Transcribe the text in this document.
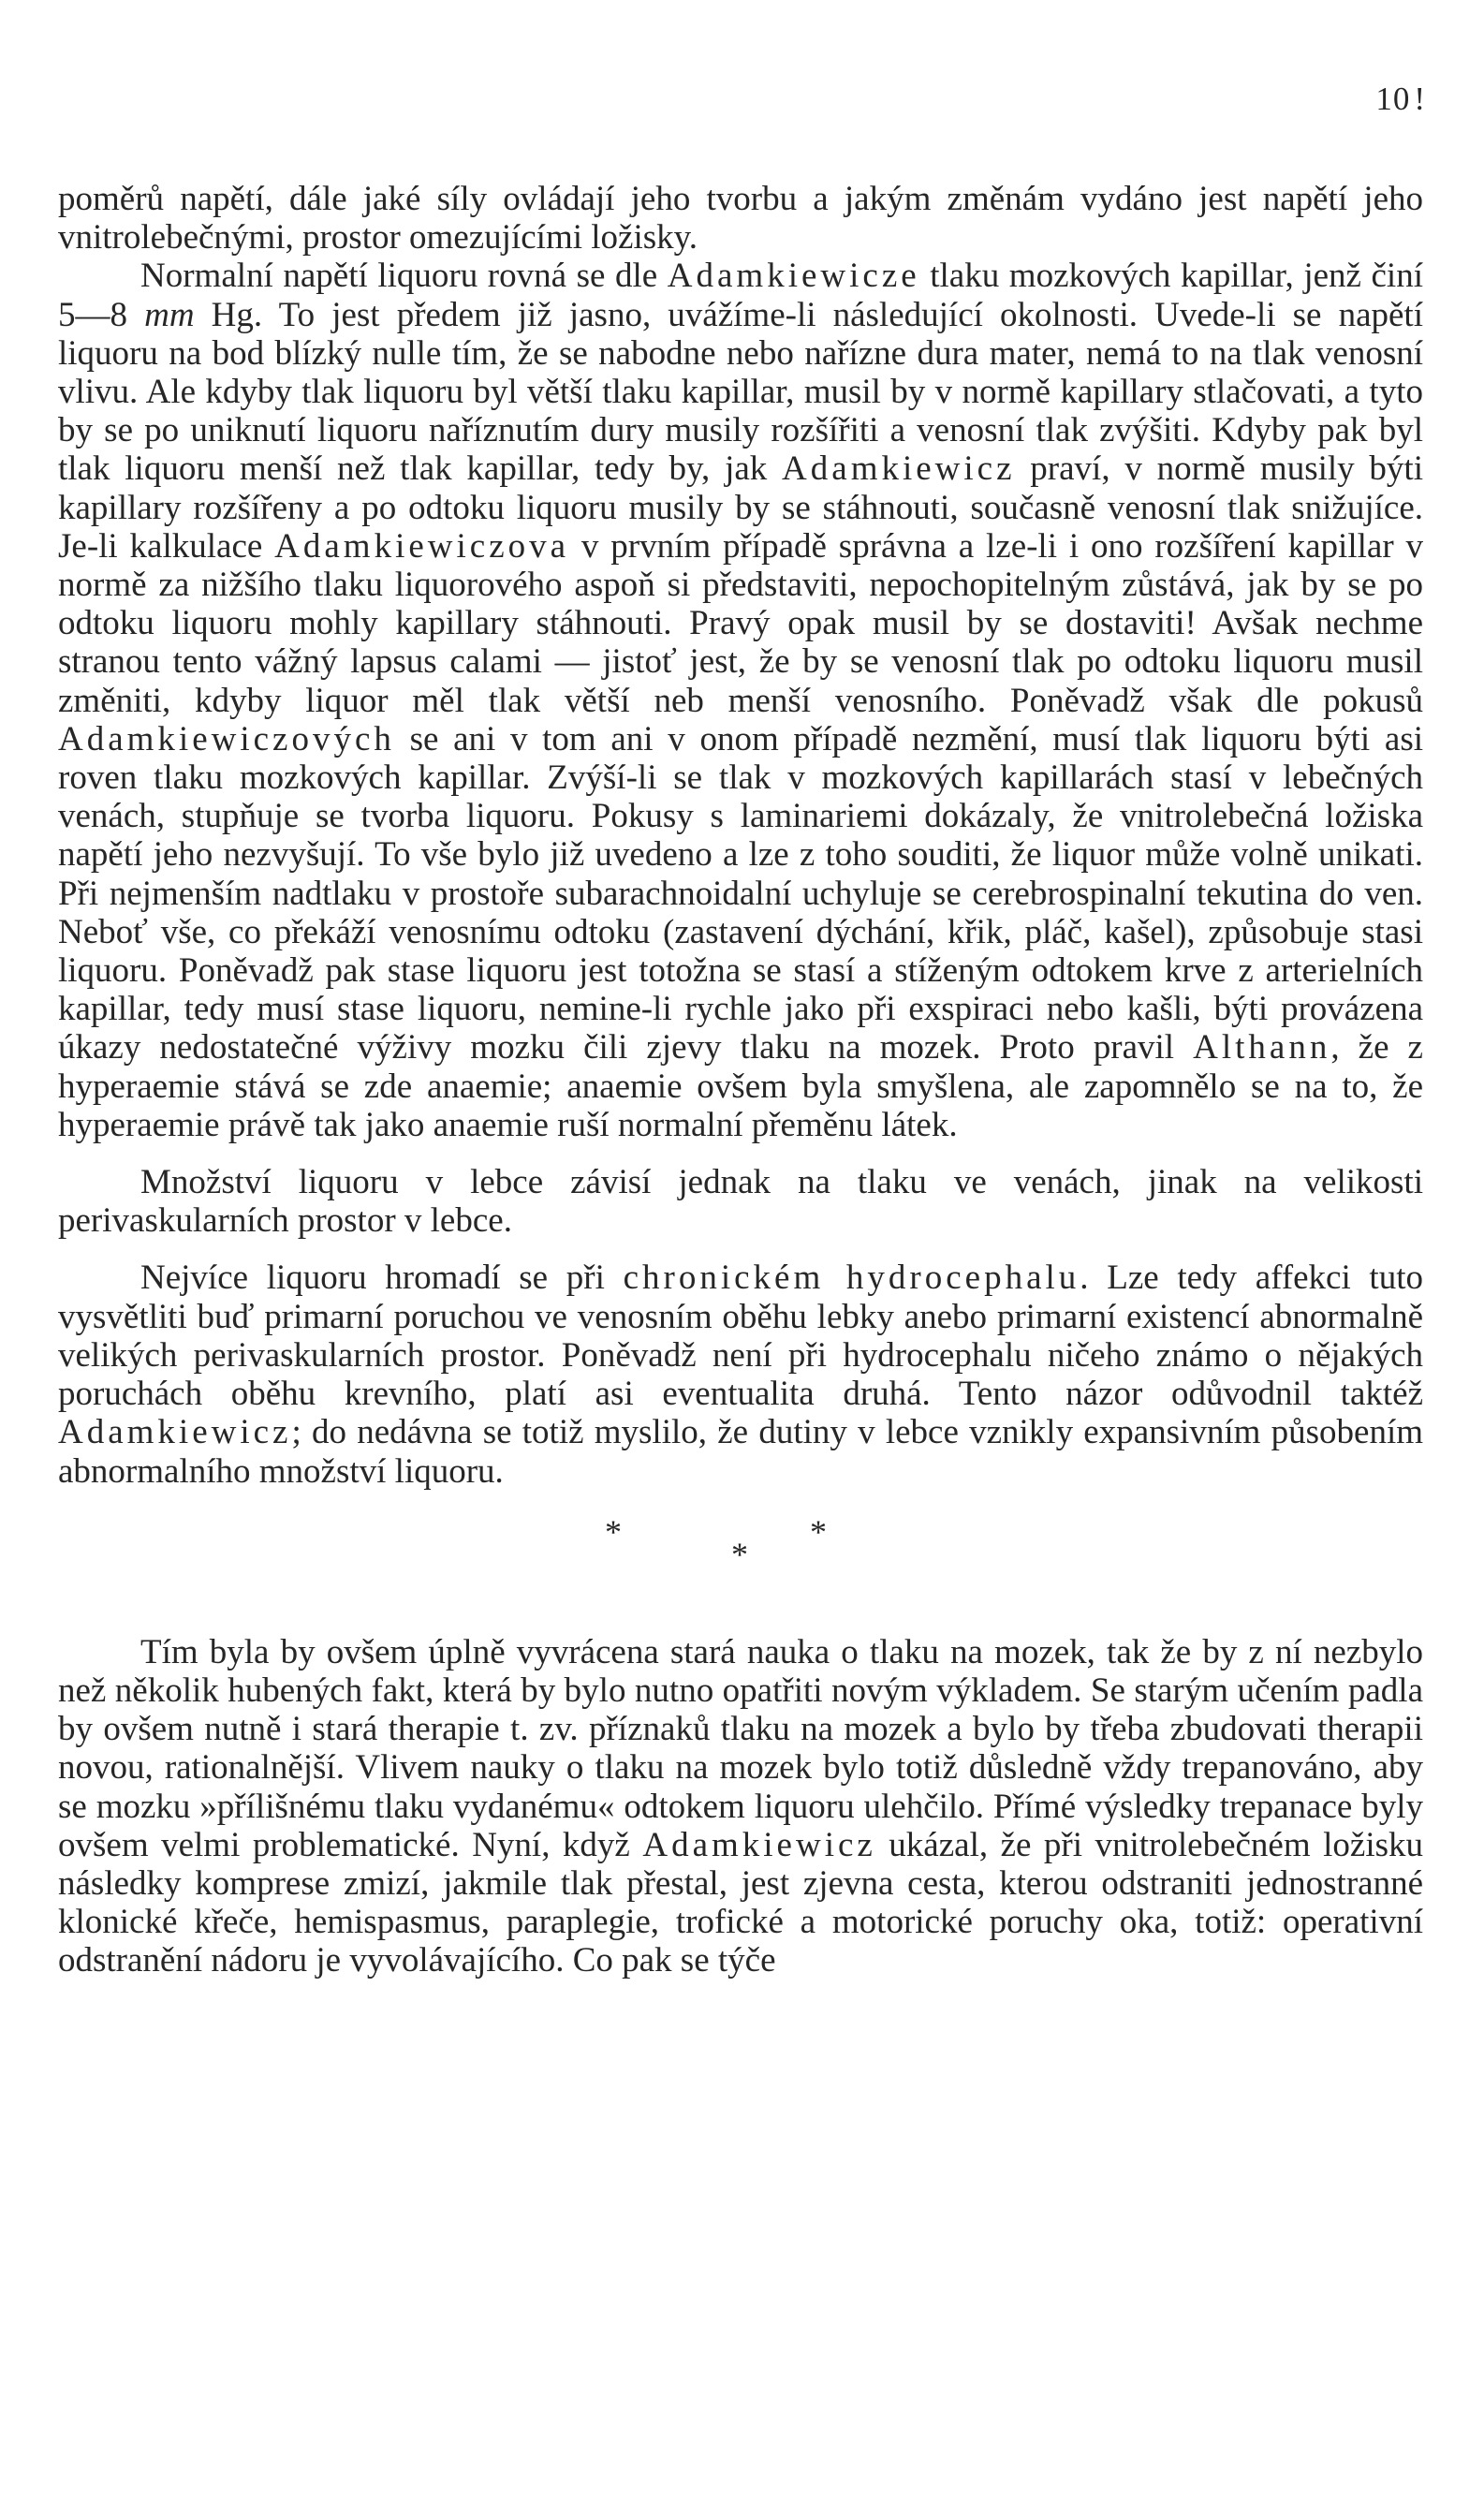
10 !

poměrů napětí, dále jaké síly ovládají jeho tvorbu a jakým změnám vydáno jest napětí jeho vnitrolebečnými, prostor omezujícími ložisky.

Normalní napětí liquoru rovná se dle Adamkiewicze tlaku mozkových kapillar, jenž činí 5—8 mm Hg. To jest předem již jasno, uvážíme-li následující okolnosti. Uvede-li se napětí liquoru na bod blízký nulle tím, že se nabodne nebo nařízne dura mater, nemá to na tlak venosní vlivu. Ale kdyby tlak liquoru byl větší tlaku kapillar, musil by v normě kapillary stlačovati, a tyto by se po uniknutí liquoru naříznutím dury musily rozšířiti a venosní tlak zvýšiti. Kdyby pak byl tlak liquoru menší než tlak kapillar, tedy by, jak Adamkiewicz praví, v normě musily býti kapillary rozšířeny a po odtoku liquoru musily by se stáhnouti, současně venosní tlak snižujíce. Je-li kalkulace Adamkiewiczova v prvním případě správna a lze-li i ono rozšíření kapillar v normě za nižšího tlaku liquorového aspoň si představiti, nepochopitelným zůstává, jak by se po odtoku liquoru mohly kapillary stáhnouti. Pravý opak musil by se dostaviti! Avšak nechme stranou tento vážný lapsus calami — jistoť jest, že by se venosní tlak po odtoku liquoru musil změniti, kdyby liquor měl tlak větší neb menší venosního. Poněvadž však dle pokusů Adamkiewiczových se ani v tom ani v onom případě nezmění, musí tlak liquoru býti asi roven tlaku mozkových kapillar. Zvýší-li se tlak v mozkových kapillarách stasí v lebečných venách, stupňuje se tvorba liquoru. Pokusy s laminariemi dokázaly, že vnitrolebečná ložiska napětí jeho nezvyšují. To vše bylo již uvedeno a lze z toho souditi, že liquor může volně unikati. Při nejmenším nadtlaku v prostoře subarachnoidalní uchyluje se cerebrospinalní tekutina do ven. Neboť vše, co překáží venosnímu odtoku (zastavení dýchání, křik, pláč, kašel), způsobuje stasi liquoru. Poněvadž pak stase liquoru jest totožna se stasí a stíženým odtokem krve z arterielních kapillar, tedy musí stase liquoru, nemine-li rychle jako při exspiraci nebo kašli, býti provázena úkazy nedostatečné výživy mozku čili zjevy tlaku na mozek. Proto pravil Althann, že z hyperaemie stává se zde anaemie; anaemie ovšem byla smyšlena, ale zapomnělo se na to, že hyperaemie právě tak jako anaemie ruší normalní přeměnu látek.

Množství liquoru v lebce závisí jednak na tlaku ve venách, jinak na velikosti perivaskularních prostor v lebce.

Nejvíce liquoru hromadí se při chronickém hydrocephalu. Lze tedy affekci tuto vysvětliti buď primarní poruchou ve venosním oběhu lebky anebo primarní existencí abnormalně velikých perivaskularních prostor. Poněvadž není při hydrocephalu ničeho známo o nějakých poruchách oběhu krevního, platí asi eventualita druhá. Tento názor odůvodnil taktéž Adamkiewicz; do nedávna se totiž myslilo, že dutiny v lebce vznikly expansivním působením abnormalního množství liquoru.

*
*
*

Tím byla by ovšem úplně vyvrácena stará nauka o tlaku na mozek, tak že by z ní nezbylo než několik hubených fakt, která by bylo nutno opatřiti novým výkladem. Se starým učením padla by ovšem nutně i stará therapie t. zv. příznaků tlaku na mozek a bylo by třeba zbudovati therapii novou, rationalnější. Vlivem nauky o tlaku na mozek bylo totiž důsledně vždy trepanováno, aby se mozku »přílišnému tlaku vydanému« odtokem liquoru ulehčilo. Přímé výsledky trepanace byly ovšem velmi problematické. Nyní, když Adamkiewicz ukázal, že při vnitrolebečném ložisku následky komprese zmizí, jakmile tlak přestal, jest zjevna cesta, kterou odstraniti jednostranné klonické křeče, hemispasmus, paraplegie, trofické a motorické poruchy oka, totiž: operativní odstranění nádoru je vyvolávajícího. Co pak se týče
